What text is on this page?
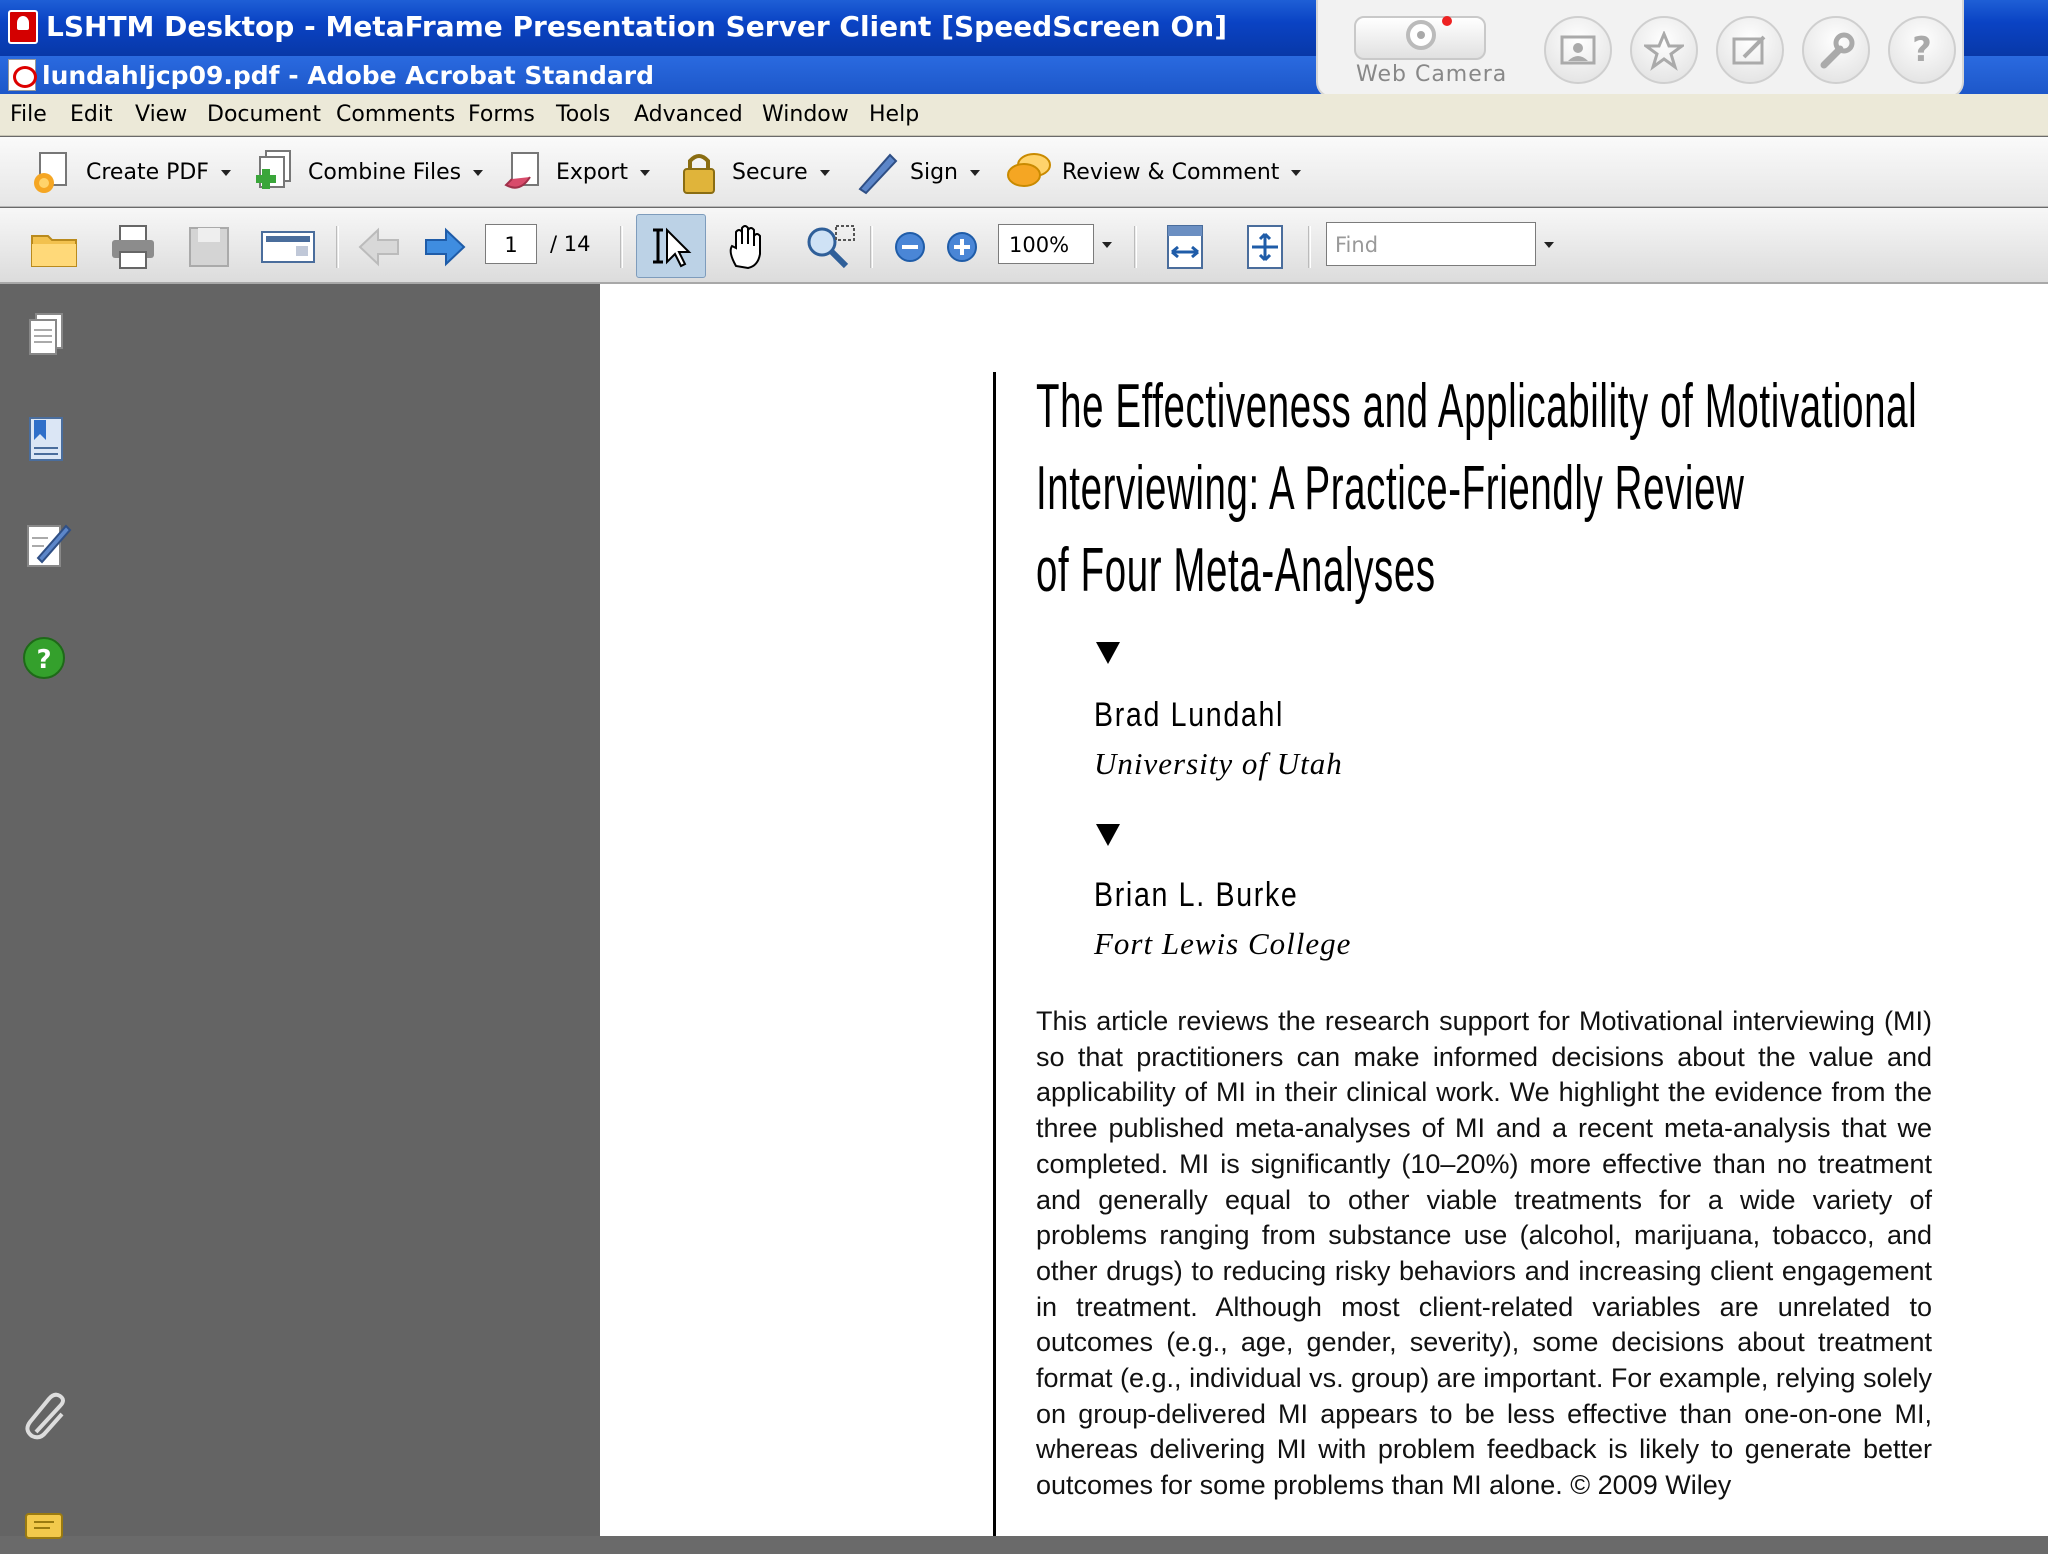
LSHTM Desktop - MetaFrame Presentation Server Client [SpeedScreen On]
lundahljcp09.pdf - Adobe Acrobat Standard	Web Camera
?
File Edit View Document Comments Forms Tools Advanced Window Help
Create PDF	Combine Files	Export	Secure	Sign	Review & Comment
1	/ 14	100%	Find
?
The Effectiveness and Applicability of Motivational
Interviewing: A Practice-Friendly Review
of Four Meta-Analyses
Brad Lundahl
University of Utah
Brian L. Burke
Fort Lewis College
This article reviews the research support for Motivational interviewing (MI) so that practitioners can make informed decisions about the value and applicability of MI in their clinical work. We highlight the evidence from the three published meta-analyses of MI and a recent meta-analysis that we completed. MI is significantly (10–20%) more effective than no treatment and generally equal to other viable treatments for a wide variety of problems ranging from substance use (alcohol, marijuana, tobacco, and other drugs) to reducing risky behaviors and increasing client engagement in treatment. Although most client-related variables are unrelated to outcomes (e.g., age, gender, severity), some decisions about treatment format (e.g., individual vs. group) are important. For example, relying solely on group-delivered MI appears to be less effective than one-on-one MI, whereas delivering MI with problem feedback is likely to generate better outcomes for some problems than MI alone. © 2009 Wiley
